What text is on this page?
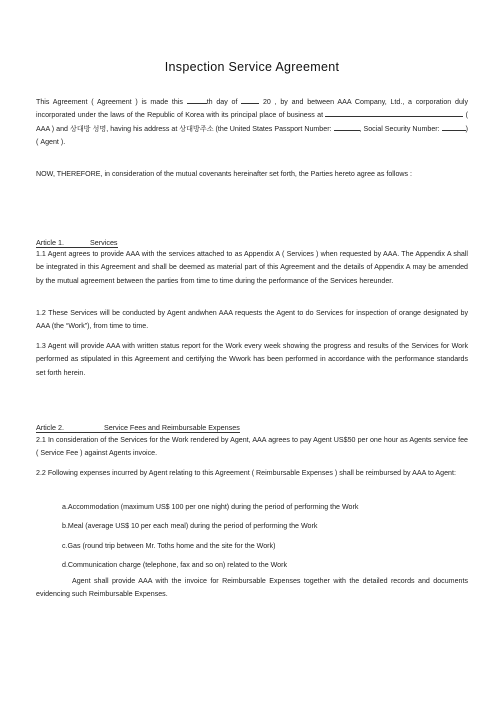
Inspection Service Agreement

This Agreement ( Agreement ) is made this	th day of	20 , by and between AAA Company, Ltd., a corporation duly incorporated under the laws of the Republic of Korea with its principal place of business at	( AAA ) and 상대방 성명, having his address at 상대방주소 (the United States Passport Number:	, Social Security Number:	) ( Agent ).

NOW, THEREFORE, in consideration of the mutual covenants hereinafter set forth, the Parties hereto agree as follows :

Article 1.	Services

1.1 Agent agrees to provide AAA with the services attached to as Appendix A ( Services ) when requested by AAA. The Appendix A shall be integrated in this Agreement and shall be deemed as material part of this Agreement and the details of Appendix A may be amended by the mutual agreement between the parties from time to time during the performance of the Services hereunder.

1.2 These Services will be conducted by Agent andwhen AAA requests the Agent to do Services for inspection of orange designated by AAA (the “Work”), from time to time.

1.3 Agent will provide AAA with written status report for the Work every week showing the progress and results of the Services for Work performed as stipulated in this Agreement and certifying the Wwork has been performed in accordance with the performance standards set forth herein.

Article 2.	Service Fees and Reimbursable Expenses

2.1 In consideration of the Services for the Work rendered by Agent, AAA agrees to pay Agent US$50 per one hour as Agents service fee ( Service Fee ) against Agents invoice.

2.2 Following expenses incurred by Agent relating to this Agreement ( Reimbursable Expenses ) shall be reimbursed by AAA to Agent:

a.Accommodation (maximum US$ 100 per one night) during the period of performing the Work
b.Meal (average US$ 10 per each meal) during the period of performing the Work
c.Gas (round trip between Mr. Toths home and the site for the Work)
d.Communication charge (telephone, fax and so on) related to the Work

Agent shall provide AAA with the invoice for Reimbursable Expenses together with the detailed records and documents evidencing such Reimbursable Expenses.
